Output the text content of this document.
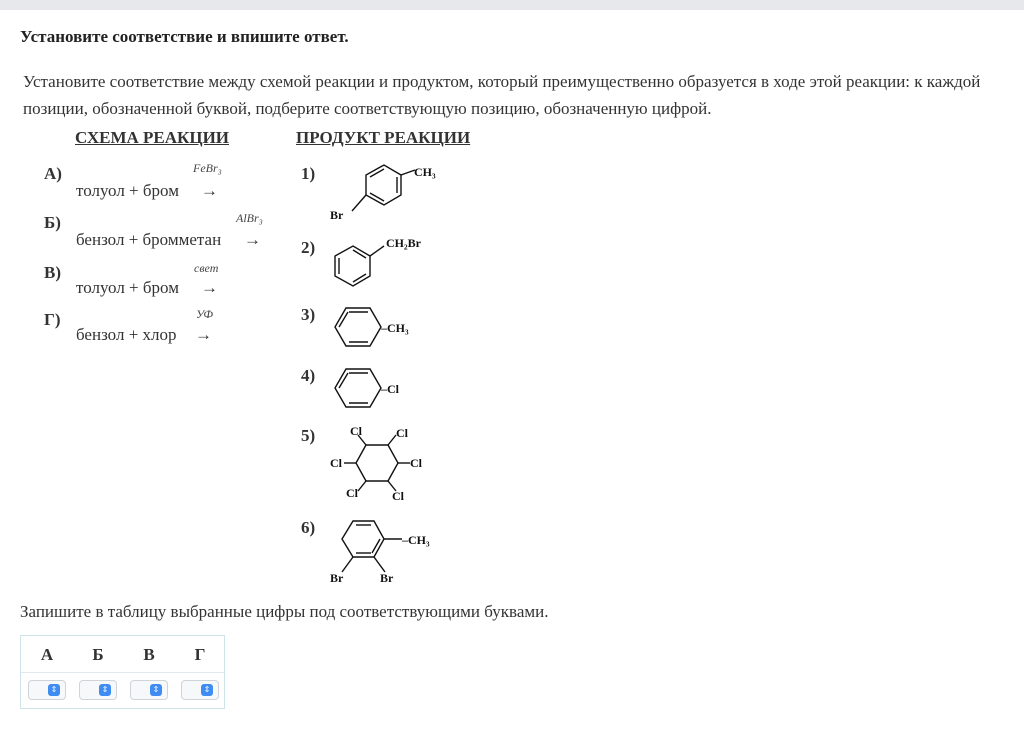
Установите соответствие и впишите ответ.
Установите соответствие между схемой реакции и продуктом, который преимущественно образуется в ходе этой реакции: к каждой позиции, обозначенной буквой, подберите соответствующую позицию, обозначенную цифрой.
СХЕМА РЕАКЦИИ	ПРОДУКТ РЕАКЦИИ
А)	FeBr₃
толуол + бром →
Б)	AlBr₃
бензол + бромметан →
В)	свет
толуол + бром →
Г)	УФ
бензол + хлор →
1)
2)
3)
4)
5)
6)
CH₃
Br
CH₂Br
–CH₃
–Cl
Cl	Cl
Cl	Cl
Cl	Cl
–CH₃
Br	Br
Запишите в таблицу выбранные цифры под соответствующими буквами.
А	Б	В	Г
⇕	⇕	⇕	⇕
